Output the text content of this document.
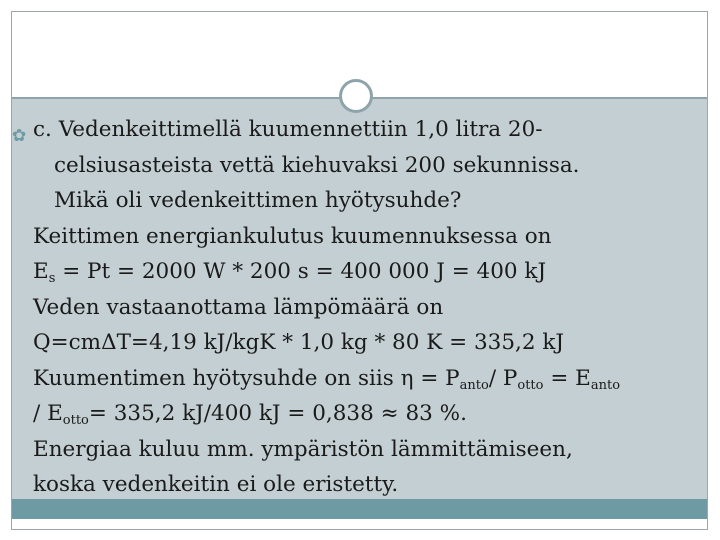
✿ c. Vedenkeittimellä kuumennettiin 1,0 litra 20-
celsiusasteista vettä kiehuvaksi 200 sekunnissa.
Mikä oli vedenkeittimen hyötysuhde?
Keittimen energiankulutus kuumennuksessa on
$E_s = Pt = 2000$ W * 200 s = 400 000 J = 400 kJ
Veden vastaanottama lämpömäärä on
Q=cmΔT=4,19 kJ/kgK * 1,0 kg * 80 K = 335,2 kJ
Kuumentimen hyötysuhde on siis $\eta = P_{anto}/$ $P_{otto} = E_{anto}$
/ $E_{otto}= 335,2$ kJ/400 kJ = 0,838 ≈ 83 %.
Energiaa kuluu mm. ympäristön lämmittämiseen,
koska vedenkeitin ei ole eristetty.
